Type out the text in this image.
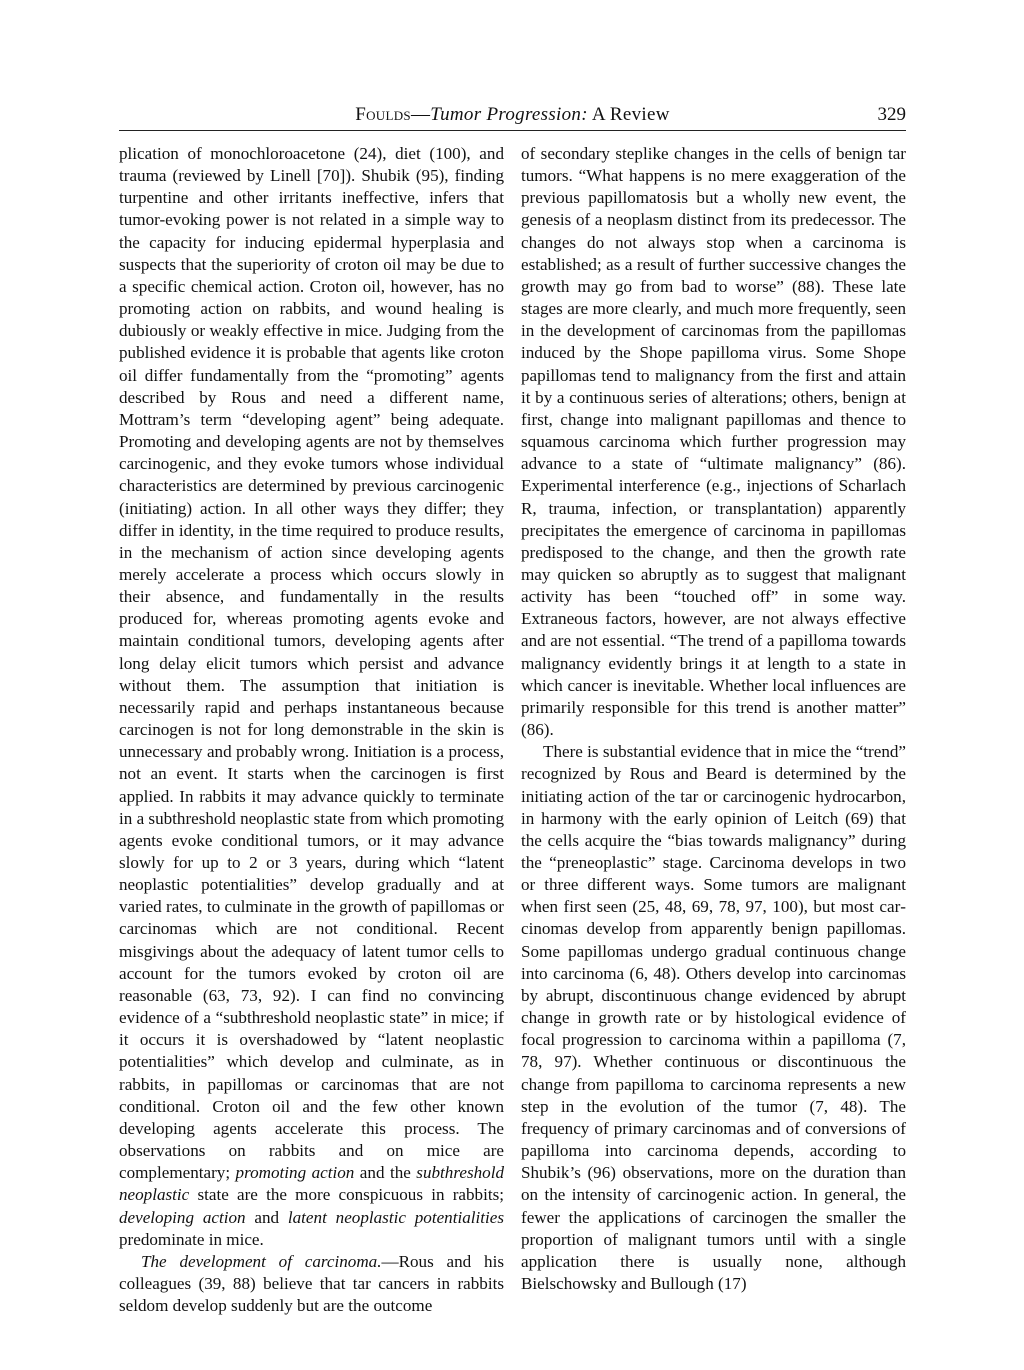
Foulds—Tumor Progression: A Review	329

plication of monochloroacetone (24), diet (100), and trauma (reviewed by Linell [70]). Shubik (95), finding turpentine and other irritants ineffective, infers that tumor-evoking power is not related in a simple way to the capacity for inducing epidermal hyperplasia and suspects that the superiority of croton oil may be due to a specific chemical action. Croton oil, however, has no promoting action on rabbits, and wound healing is dubiously or weakly effective in mice. Judging from the published evidence it is probable that agents like croton oil differ fundamentally from the “promoting” agents described by Rous and need a different name, Mottram’s term “developing agent” being adequate. Promoting and developing agents are not by themselves carcinogenic, and they evoke tumors whose individual characteristics are determined by previous carcinogenic (initiating) action. In all other ways they differ; they differ in identity, in the time required to produce results, in the mechanism of action since developing agents merely accelerate a process which occurs slowly in their absence, and fundamentally in the results produced for, whereas promoting agents evoke and maintain conditional tumors, developing agents after long delay elicit tumors which persist and advance without them. The assumption that initiation is necessarily rapid and perhaps instantaneous because carcinogen is not for long demonstrable in the skin is unnecessary and probably wrong. Initiation is a process, not an event. It starts when the carcinogen is first applied. In rabbits it may advance quickly to terminate in a subthreshold neoplastic state from which promoting agents evoke conditional tumors, or it may advance slowly for up to 2 or 3 years, during which “latent neoplastic potentialities” develop gradually and at varied rates, to culminate in the growth of papillomas or carcinomas which are not conditional. Recent misgivings about the adequacy of latent tumor cells to account for the tumors evoked by croton oil are reasonable (63, 73, 92). I can find no convincing evidence of a “subthreshold neoplastic state” in mice; if it occurs it is overshadowed by “latent neoplastic potentialities” which develop and culminate, as in rabbits, in papillomas or carcinomas that are not conditional. Croton oil and the few other known developing agents accelerate this process. The observations on rabbits and on mice are complementary; promoting action and the subthreshold neoplastic state are the more conspicuous in rabbits; developing action and latent neoplastic potentialities predominate in mice.

The development of carcinoma.—Rous and his colleagues (39, 88) believe that tar cancers in rabbits seldom develop suddenly but are the outcome

of secondary steplike changes in the cells of benign tar tumors. “What happens is no mere exaggeration of the previous papillomatosis but a wholly new event, the genesis of a neoplasm distinct from its predecessor. The changes do not always stop when a carcinoma is established; as a result of further successive changes the growth may go from bad to worse” (88). These late stages are more clearly, and much more frequently, seen in the development of carcinomas from the papillomas induced by the Shope papilloma virus. Some Shope papillomas tend to malignancy from the first and attain it by a continuous series of alterations; others, benign at first, change into malignant papillomas and thence to squamous carcinoma which further progression may advance to a state of “ultimate malignancy” (86). Experimental interference (e.g., injections of Scharlach R, trauma, infection, or transplantation) apparently precipitates the emergence of carcinoma in papillomas predisposed to the change, and then the growth rate may quicken so abruptly as to suggest that malignant activity has been “touched off” in some way. Extraneous factors, however, are not always effective and are not essential. “The trend of a papilloma towards malignancy evidently brings it at length to a state in which cancer is inevitable. Whether local influences are primarily responsible for this trend is another matter” (86).

There is substantial evidence that in mice the “trend” recognized by Rous and Beard is determined by the initiating action of the tar or carcinogenic hydrocarbon, in harmony with the early opinion of Leitch (69) that the cells acquire the “bias towards malignancy” during the “preneoplastic” stage. Carcinoma develops in two or three different ways. Some tumors are malignant when first seen (25, 48, 69, 78, 97, 100), but most carcinomas develop from apparently benign papillomas. Some papillomas undergo gradual continuous change into carcinoma (6, 48). Others develop into carcinomas by abrupt, discontinuous change evidenced by abrupt change in growth rate or by histological evidence of focal progression to carcinoma within a papilloma (7, 78, 97). Whether continuous or discontinuous the change from papilloma to carcinoma represents a new step in the evolution of the tumor (7, 48). The frequency of primary carcinomas and of conversions of papilloma into carcinoma depends, according to Shubik’s (96) observations, more on the duration than on the intensity of carcinogenic action. In general, the fewer the applications of carcinogen the smaller the proportion of malignant tumors until with a single application there is usually none, although Bielschowsky and Bullough (17)
